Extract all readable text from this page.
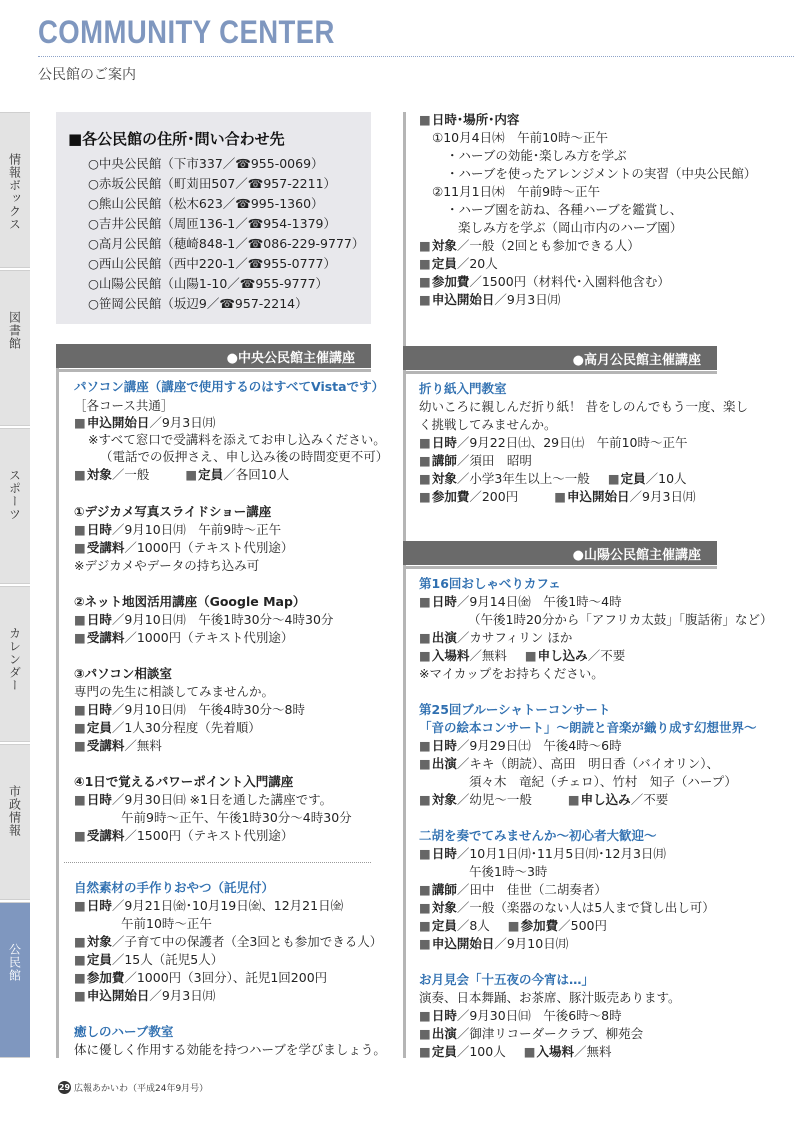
COMMUNITY CENTER
公民館のご案内
情報ボックス
図書館
スポーツ
カレンダー
市政情報
公民館
■各公民館の住所･問い合わせ先
○中央公民館（下市337／☎955-0069）
○赤坂公民館（町苅田507／☎957-2211）
○熊山公民館（松木623／☎995-1360）
○吉井公民館（周匝136-1／☎954-1379）
○高月公民館（穂崎848-1／☎086-229-9777）
○西山公民館（西中220-1／☎955-0777）
○山陽公民館（山陽1-10／☎955-9777）
○笹岡公民館（坂辺9／☎957-2214）
●中央公民館主催講座
パソコン講座（講座で使用するのはすべてVistaです）
［各コース共通］
■ 申込開始日／9月3日㈪
※すべて窓口で受講料を添えてお申し込みください。
（電話での仮押さえ、申し込み後の時間変更不可）
■ 対象／一般	■ 定員／各回10人
①デジカメ写真スライドショー講座
■ 日時／9月10日㈪　午前9時～正午
■ 受講料／1000円（テキスト代別途）
※デジカメやデータの持ち込み可
②ネット地図活用講座（Google Map）
■ 日時／9月10日㈪　午後1時30分～4時30分
■ 受講料／1000円（テキスト代別途）
③パソコン相談室
専門の先生に相談してみませんか。
■ 日時／9月10日㈪　午後4時30分～8時
■ 定員／1人30分程度（先着順）
■ 受講料／無料
④1日で覚えるパワーポイント入門講座
■ 日時／9月30日㈰ ※1日を通した講座です。
午前9時～正午、午後1時30分～4時30分
■ 受講料／1500円（テキスト代別途）
自然素材の手作りおやつ（託児付）
■ 日時／9月21日㈮･10月19日㈮、12月21日㈮
午前10時～正午
■ 対象／子育て中の保護者（全3回とも参加できる人）
■ 定員／15人（託児5人）
■ 参加費／1000円（3回分）、託児1回200円
■ 申込開始日／9月3日㈪
癒しのハーブ教室
体に優しく作用する効能を持つハーブを学びましょう。
■ 日時･場所･内容
①10月4日㈭　午前10時～正午
・ハーブの効能･楽しみ方を学ぶ
・ハーブを使ったアレンジメントの実習（中央公民館）
②11月1日㈭　午前9時～正午
・ハーブ園を訪ね、各種ハーブを鑑賞し、
楽しみ方を学ぶ（岡山市内のハーブ園）
■ 対象／一般（2回とも参加できる人）
■ 定員／20人
■ 参加費／1500円（材料代･入園料他含む）
■ 申込開始日／9月3日㈪
●高月公民館主催講座
折り紙入門教室
幼いころに親しんだ折り紙！ 昔をしのんでもう一度、楽し
く挑戦してみませんか。
■ 日時／9月22日㈯、29日㈯　午前10時～正午
■ 講師／須田　昭明
■ 対象／小学3年生以上～一般 ■ 定員／10人
■ 参加費／200円	■ 申込開始日／9月3日㈪
●山陽公民館主催講座
第16回おしゃべりカフェ
■ 日時／9月14日㈮　午後1時～4時
（午後1時20分から「アフリカ太鼓」「腹話術」など）
■ 出演／カサフィリン ほか
■ 入場料／無料 ■ 申し込み／不要
※マイカップをお持ちください。
第25回ブルーシャトーコンサート
「音の絵本コンサート」～朗読と音楽が織り成す幻想世界～
■ 日時／9月29日㈯　午後4時～6時
■ 出演／キキ（朗読）、高田　明日香（バイオリン）、
須々木　竜紀（チェロ）、竹村　知子（ハープ）
■ 対象／幼児～一般	■ 申し込み／不要
二胡を奏でてみませんか～初心者大歓迎～
■ 日時／10月1日㈪･11月5日㈪･12月3日㈪
午後1時～3時
■ 講師／田中　佳世（二胡奏者）
■ 対象／一般（楽器のない人は5人まで貸し出し可）
■ 定員／8人 ■ 参加費／500円
■ 申込開始日／9月10日㈪
お月見会「十五夜の今宵は…」
演奏、日本舞踊、お茶席、豚汁販売あります。
■ 日時／9月30日㈰　午後6時～8時
■ 出演／御津リコーダークラブ、柳苑会
■ 定員／100人 ■ 入場料／無料
29 広報あかいわ（平成24年9月号）
